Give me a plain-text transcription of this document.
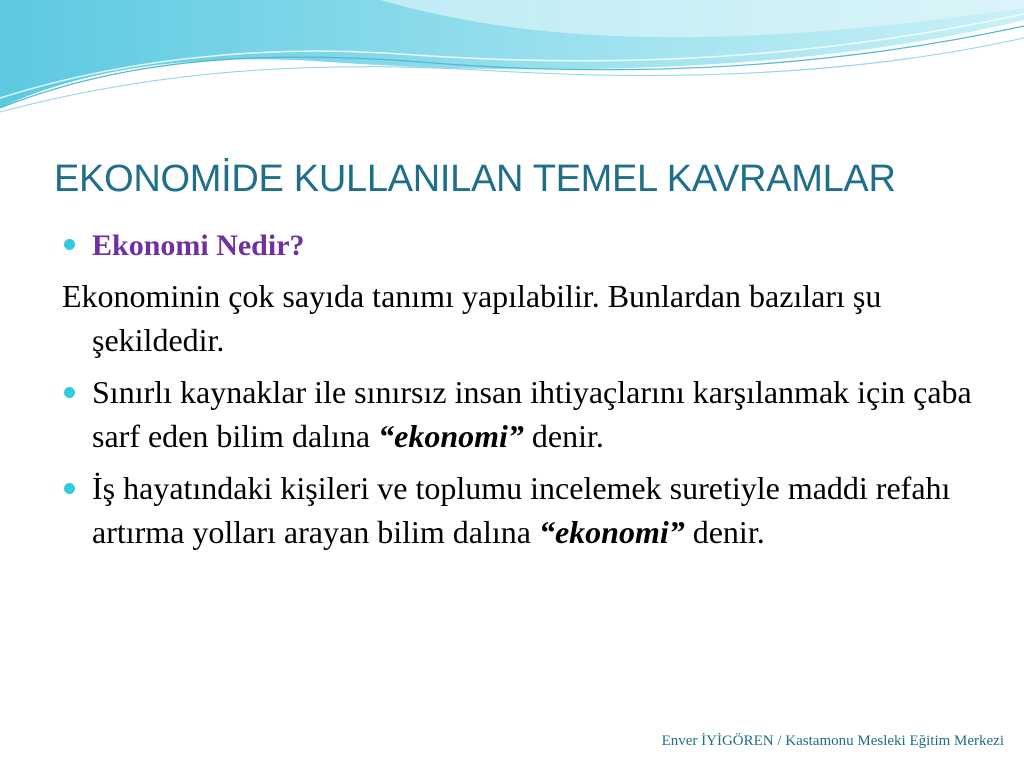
EKONOMİDE KULLANILAN TEMEL KAVRAMLAR
Ekonomi Nedir?
Ekonominin çok sayıda tanımı yapılabilir. Bunlardan bazıları şu şekildedir.
Sınırlı kaynaklar ile sınırsız insan ihtiyaçlarını karşılanmak için çaba sarf eden bilim dalına “ekonomi” denir.
İş hayatındaki kişileri ve toplumu incelemek suretiyle maddi refahı artırma yolları arayan bilim dalına “ekonomi” denir.
Enver İYİGÖREN / Kastamonu Mesleki Eğitim Merkezi
